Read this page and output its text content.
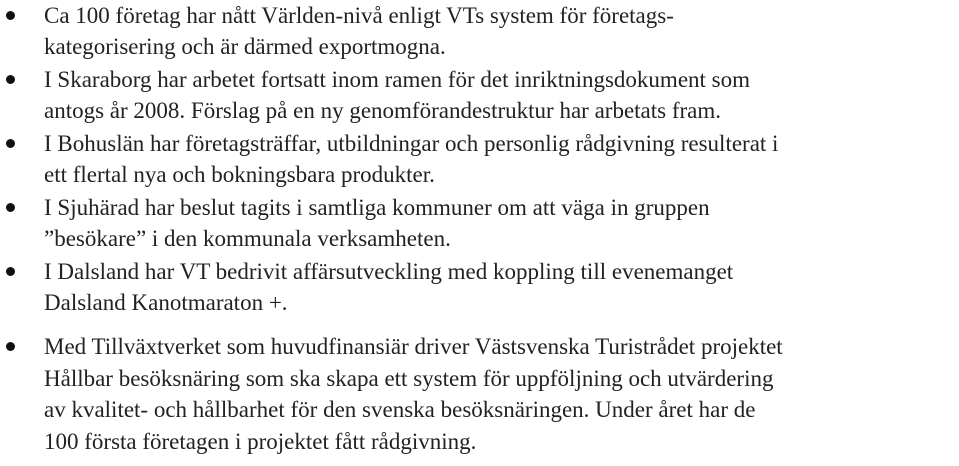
Ca 100 företag har nått Världen-nivå enligt VTs system för företags-
kategorisering och är därmed exportmogna.

I Skaraborg har arbetet fortsatt inom ramen för det inriktningsdokument som
antogs år 2008. Förslag på en ny genomförandestruktur har arbetats fram.

I Bohuslän har företagsträffar, utbildningar och personlig rådgivning resulterat i
ett flertal nya och bokningsbara produkter.

I Sjuhärad har beslut tagits i samtliga kommuner om att väga in gruppen
”besökare” i den kommunala verksamheten.

I Dalsland har VT bedrivit affärsutveckling med koppling till evenemanget
Dalsland Kanotmaraton +.

Med Tillväxtverket som huvudfinansiär driver Västsvenska Turistrådet projektet
Hållbar besöksnäring som ska skapa ett system för uppföljning och utvärdering
av kvalitet- och hållbarhet för den svenska besöksnäringen. Under året har de
100 första företagen i projektet fått rådgivning.
